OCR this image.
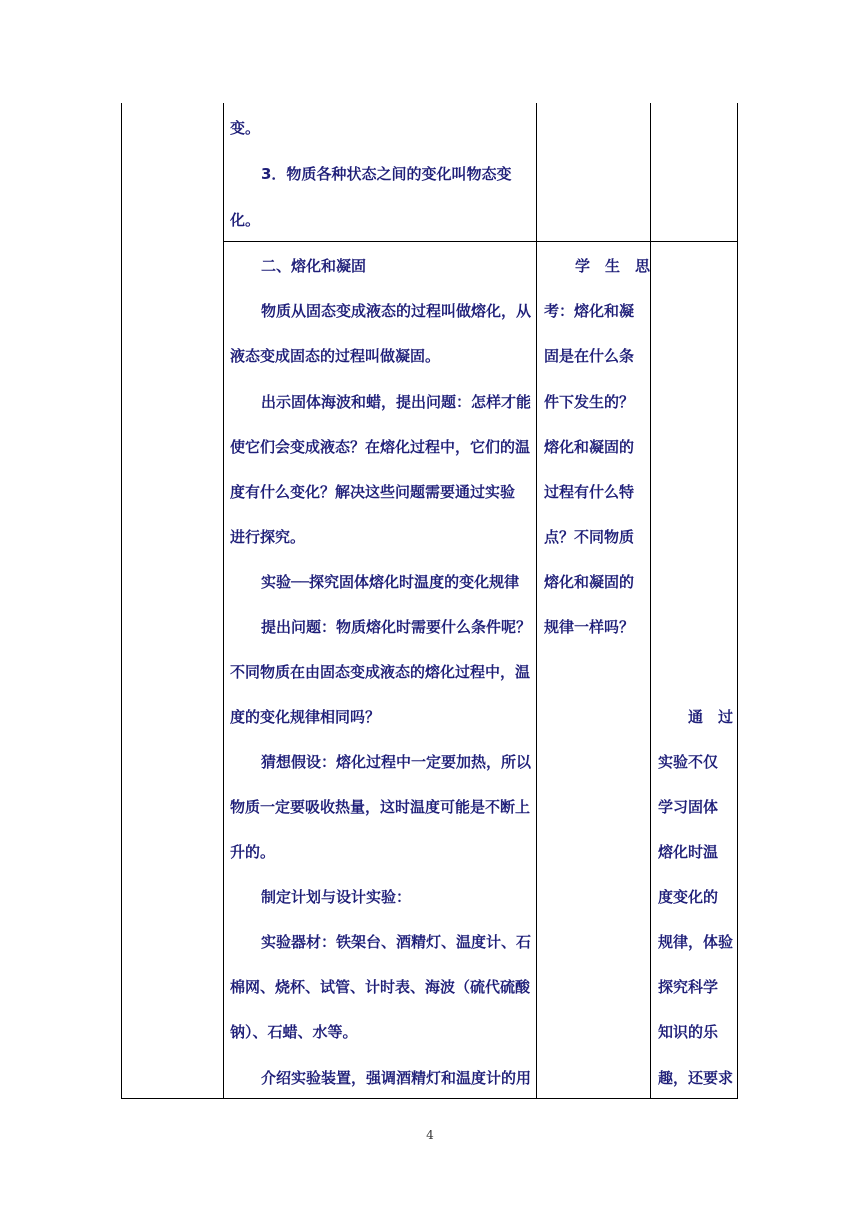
变。
3．物质各种状态之间的变化叫物态变
化。
二、熔化和凝固
物质从固态变成液态的过程叫做熔化，从
液态变成固态的过程叫做凝固。
出示固体海波和蜡，提出问题：怎样才能
使它们会变成液态？在熔化过程中，它们的温
度有什么变化？解决这些问题需要通过实验
进行探究。
实验──探究固体熔化时温度的变化规律
提出问题：物质熔化时需要什么条件呢？
不同物质在由固态变成液态的熔化过程中，温
度的变化规律相同吗？
猜想假设：熔化过程中一定要加热，所以
物质一定要吸收热量，这时温度可能是不断上
升的。
制定计划与设计实验：
实验器材：铁架台、酒精灯、温度计、石
棉网、烧杯、试管、计时表、海波（硫代硫酸
钠）、石蜡、水等。
介绍实验装置，强调酒精灯和温度计的用
学　生　思
考：熔化和凝
固是在什么条
件下发生的？
熔化和凝固的
过程有什么特
点？不同物质
熔化和凝固的
规律一样吗？
通　过
实验不仅
学习固体
熔化时温
度变化的
规律，体验
探究科学
知识的乐
趣，还要求
4
